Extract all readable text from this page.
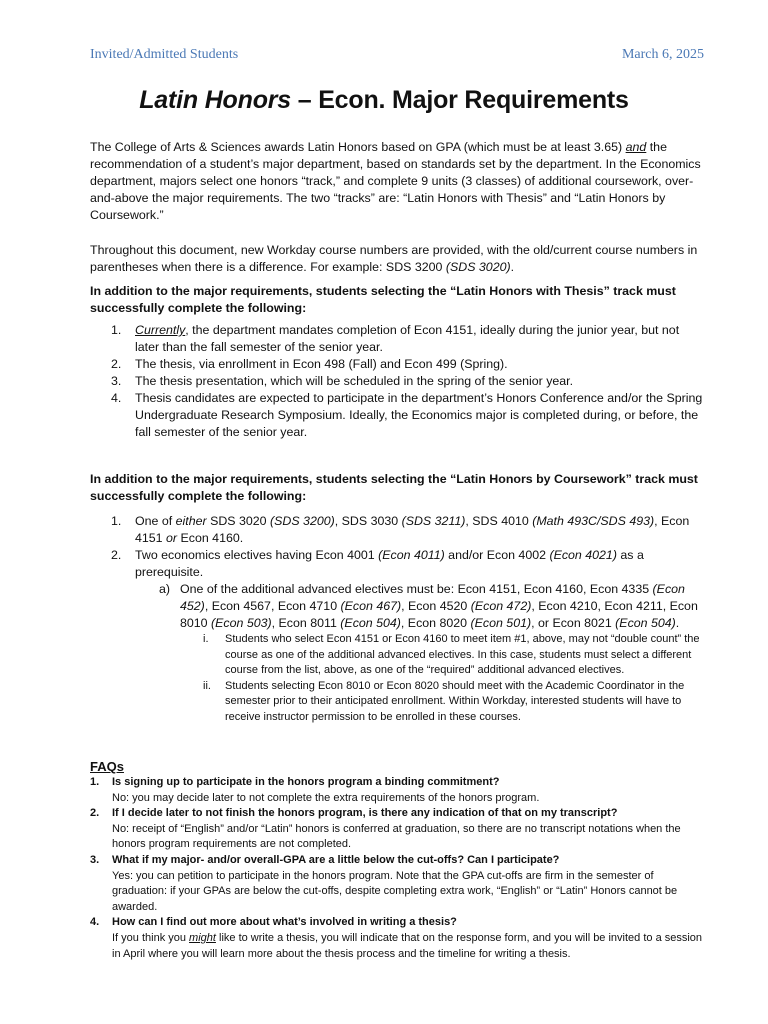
Invited/Admitted Students	March 6, 2025
Latin Honors – Econ. Major Requirements

The College of Arts & Sciences awards Latin Honors based on GPA (which must be at least 3.65) and the recommendation of a student’s major department, based on standards set by the department. In the Economics department, majors select one honors “track,” and complete 9 units (3 classes) of additional coursework, over-and-above the major requirements. The two “tracks” are: “Latin Honors with Thesis” and “Latin Honors by Coursework.”

Throughout this document, new Workday course numbers are provided, with the old/current course numbers in parentheses when there is a difference. For example: SDS 3200 (SDS 3020).

In addition to the major requirements, students selecting the “Latin Honors with Thesis” track must successfully complete the following:

1. Currently, the department mandates completion of Econ 4151, ideally during the junior year, but not later than the fall semester of the senior year.
2. The thesis, via enrollment in Econ 498 (Fall) and Econ 499 (Spring).
3. The thesis presentation, which will be scheduled in the spring of the senior year.
4. Thesis candidates are expected to participate in the department’s Honors Conference and/or the Spring Undergraduate Research Symposium. Ideally, the Economics major is completed during, or before, the fall semester of the senior year.

In addition to the major requirements, students selecting the “Latin Honors by Coursework” track must successfully complete the following:

1. One of either SDS 3020 (SDS 3200), SDS 3030 (SDS 3211), SDS 4010 (Math 493C/SDS 493), Econ 4151 or Econ 4160.
2. Two economics electives having Econ 4001 (Econ 4011) and/or Econ 4002 (Econ 4021) as a prerequisite.
a) One of the additional advanced electives must be: Econ 4151, Econ 4160, Econ 4335 (Econ 452), Econ 4567, Econ 4710 (Econ 467), Econ 4520 (Econ 472), Econ 4210, Econ 4211, Econ 8010 (Econ 503), Econ 8011 (Econ 504), Econ 8020 (Econ 501), or Econ 8021 (Econ 504).
i. Students who select Econ 4151 or Econ 4160 to meet item #1, above, may not “double count” the course as one of the additional advanced electives. In this case, students must select a different course from the list, above, as one of the “required” additional advanced electives.
ii. Students selecting Econ 8010 or Econ 8020 should meet with the Academic Coordinator in the semester prior to their anticipated enrollment. Within Workday, interested students will have to receive instructor permission to be enrolled in these courses.
FAQs
1. Is signing up to participate in the honors program a binding commitment?
No: you may decide later to not complete the extra requirements of the honors program.
2. If I decide later to not finish the honors program, is there any indication of that on my transcript?
No: receipt of “English” and/or “Latin” honors is conferred at graduation, so there are no transcript notations when the honors program requirements are not completed.
3. What if my major- and/or overall-GPA are a little below the cut-offs? Can I participate?
Yes: you can petition to participate in the honors program. Note that the GPA cut-offs are firm in the semester of graduation: if your GPAs are below the cut-offs, despite completing extra work, “English” or “Latin” Honors cannot be awarded.
4. How can I find out more about what’s involved in writing a thesis?
If you think you might like to write a thesis, you will indicate that on the response form, and you will be invited to a session in April where you will learn more about the thesis process and the timeline for writing a thesis.
